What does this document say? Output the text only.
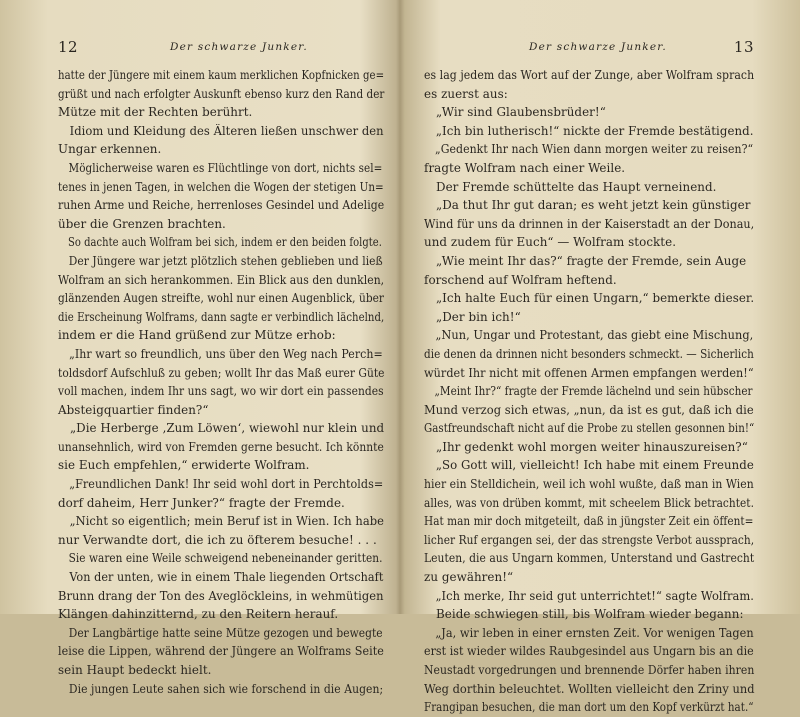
12	Der schwarze Junker.
hatte der Jüngere mit einem kaum merklichen Kopfnicken ge=
grüßt und nach erfolgter Auskunft ebenso kurz den Rand der
Mütze mit der Rechten berührt.
Idiom und Kleidung des Älteren ließen unschwer den
Ungar erkennen.
Möglicherweise waren es Flüchtlinge von dort, nichts sel=
tenes in jenen Tagen, in welchen die Wogen der stetigen Un=
ruhen Arme und Reiche, herrenloses Gesindel und Adelige
über die Grenzen brachten.
So dachte auch Wolfram bei sich, indem er den beiden folgte.
Der Jüngere war jetzt plötzlich stehen geblieben und ließ
Wolfram an sich herankommen. Ein Blick aus den dunklen,
glänzenden Augen streifte, wohl nur einen Augenblick, über
die Erscheinung Wolframs, dann sagte er verbindlich lächelnd,
indem er die Hand grüßend zur Mütze erhob:
„Ihr wart so freundlich, uns über den Weg nach Perch=
toldsdorf Aufschluß zu geben; wollt Ihr das Maß eurer Güte
voll machen, indem Ihr uns sagt, wo wir dort ein passendes
Absteigquartier finden?“
„Die Herberge ‚Zum Löwen‘, wiewohl nur klein und
unansehnlich, wird von Fremden gerne besucht. Ich könnte
sie Euch empfehlen,“ erwiderte Wolfram.
„Freundlichen Dank! Ihr seid wohl dort in Perchtolds=
dorf daheim, Herr Junker?“ fragte der Fremde.
„Nicht so eigentlich; mein Beruf ist in Wien. Ich habe
nur Verwandte dort, die ich zu öfterem besuche! . . .
Sie waren eine Weile schweigend nebeneinander geritten.
Von der unten, wie in einem Thale liegenden Ortschaft
Brunn drang der Ton des Aveglöckleins, in wehmütigen
Klängen dahinzitternd, zu den Reitern herauf.
Der Langbärtige hatte seine Mütze gezogen und bewegte
leise die Lippen, während der Jüngere an Wolframs Seite
sein Haupt bedeckt hielt.
Die jungen Leute sahen sich wie forschend in die Augen;
Der schwarze Junker.	13
es lag jedem das Wort auf der Zunge, aber Wolfram sprach
es zuerst aus:
„Wir sind Glaubensbrüder!“
„Ich bin lutherisch!“ nickte der Fremde bestätigend.
„Gedenkt Ihr nach Wien dann morgen weiter zu reisen?“
fragte Wolfram nach einer Weile.
Der Fremde schüttelte das Haupt verneinend.
„Da thut Ihr gut daran; es weht jetzt kein günstiger
Wind für uns da drinnen in der Kaiserstadt an der Donau,
und zudem für Euch“ — Wolfram stockte.
„Wie meint Ihr das?“ fragte der Fremde, sein Auge
forschend auf Wolfram heftend.
„Ich halte Euch für einen Ungarn,“ bemerkte dieser.
„Der bin ich!“
„Nun, Ungar und Protestant, das giebt eine Mischung,
die denen da drinnen nicht besonders schmeckt. — Sicherlich
würdet Ihr nicht mit offenen Armen empfangen werden!“
„Meint Ihr?“ fragte der Fremde lächelnd und sein hübscher
Mund verzog sich etwas, „nun, da ist es gut, daß ich die
Gastfreundschaft nicht auf die Probe zu stellen gesonnen bin!“
„Ihr gedenkt wohl morgen weiter hinauszureisen?“
„So Gott will, vielleicht! Ich habe mit einem Freunde
hier ein Stelldichein, weil ich wohl wußte, daß man in Wien
alles, was von drüben kommt, mit scheelem Blick betrachtet.
Hat man mir doch mitgeteilt, daß in jüngster Zeit ein öffent=
licher Ruf ergangen sei, der das strengste Verbot aussprach,
Leuten, die aus Ungarn kommen, Unterstand und Gastrecht
zu gewähren!“
„Ich merke, Ihr seid gut unterrichtet!“ sagte Wolfram.
Beide schwiegen still, bis Wolfram wieder begann:
„Ja, wir leben in einer ernsten Zeit. Vor wenigen Tagen
erst ist wieder wildes Raubgesindel aus Ungarn bis an die
Neustadt vorgedrungen und brennende Dörfer haben ihren
Weg dorthin beleuchtet. Wollten vielleicht den Zriny und
Frangipan besuchen, die man dort um den Kopf verkürzt hat.“
